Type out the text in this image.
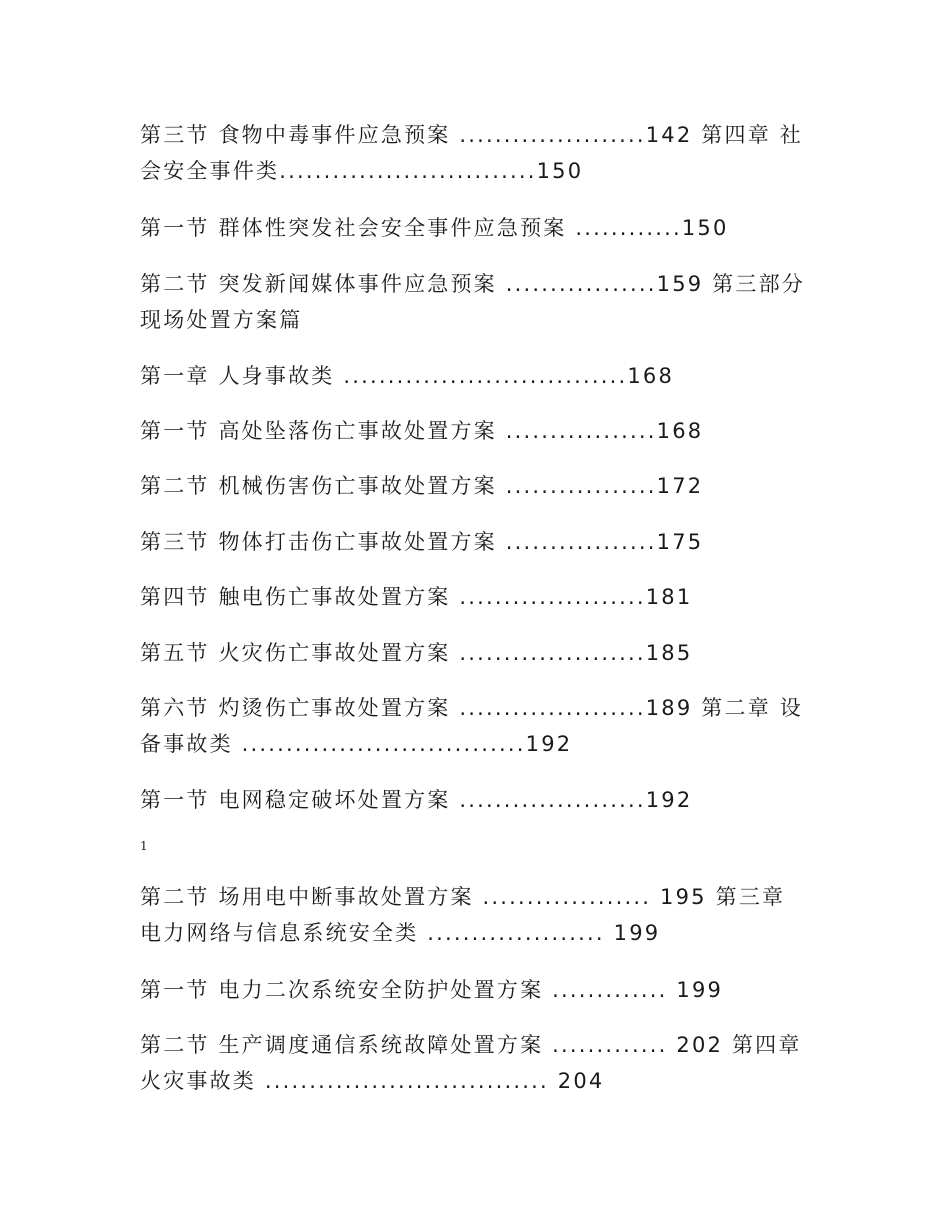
第三节 食物中毒事件应急预案 .....................142 第四章 社会安全事件类.............................150

第一节 群体性突发社会安全事件应急预案 ............150

第二节 突发新闻媒体事件应急预案 .................159 第三部分 现场处置方案篇

第一章 人身事故类 ................................168

第一节 高处坠落伤亡事故处置方案 .................168

第二节 机械伤害伤亡事故处置方案 .................172

第三节 物体打击伤亡事故处置方案 .................175

第四节 触电伤亡事故处置方案 .....................181

第五节 火灾伤亡事故处置方案 .....................185

第六节 灼烫伤亡事故处置方案 .....................189 第二章 设备事故类 ................................192

第一节 电网稳定破坏处置方案 .....................192

1

第二节 场用电中断事故处置方案 ................... 195 第三章 电力网络与信息系统安全类 .................... 199

第一节 电力二次系统安全防护处置方案 ............. 199

第二节 生产调度通信系统故障处置方案 ............. 202 第四章 火灾事故类 ................................ 204
